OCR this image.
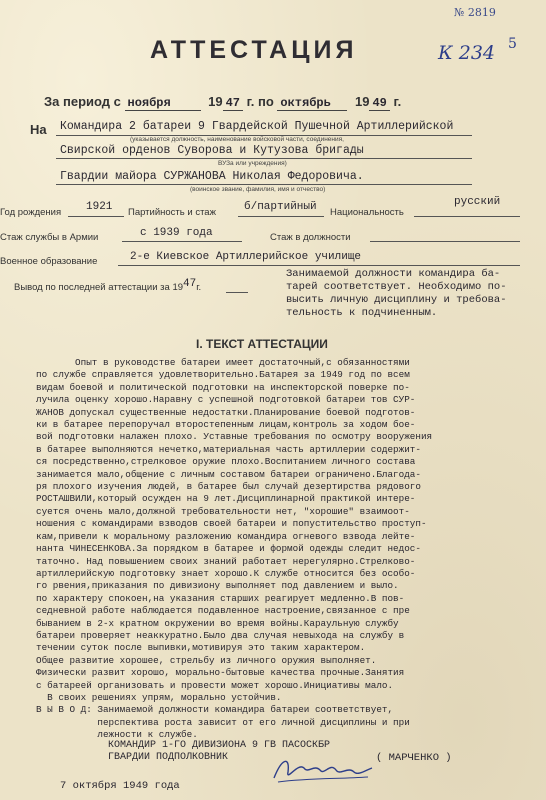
№ 2819
К 234 5
АТТЕСТАЦИЯ
За период с ноября	19 47 г. по октябрь 19 49 г.
На Командира 2 батареи 9 Гвардейской Пушечной Артиллерийской
(указывается должность, наименование войсковой части, соединения,
Свирской орденов Суворова и Кутузова бригады
ВУЗа или учреждения)
Гвардии майора СУРЖАНОВА Николая Федоровича.
(воинское звание, фамилия, имя и отчество)
Год рождения 1921 Партийность и стаж	б/партийный Национальность
русский
Стаж службы в Армии	с 1939 года	Стаж в должности
Военное образование	2-е Киевское Артиллерийское училище
Вывод по последней аттестации за 1947г.
Занимаемой должности командира ба-
тарей соответствует. Необходимо по-
высить личную дисциплину и требова-
тельность к подчиненным.
I. ТЕКСТ АТТЕСТАЦИИ
Опыт в руководстве батареи имеет достаточный,с обязанностями
по службе справляется удовлетворительно.Батарея за 1949 год по всем
видам боевой и политической подготовки на инспекторской поверке по-
лучила оценку хорошо.Наравну с успешной подготовкой батареи тов СУР-
ЖАНОВ допускал существенные недостатки.Планирование боевой подготов-
ки в батарее перепоручал второстепенным лицам,контроль за ходом бое-
вой подготовки налажен плохо. Уставные требования по осмотру вооружения
в батарее выполняются нечетко,материальная часть артиллерии содержит-
ся посредственно,стрелковое оружие плохо.Воспитанием личного состава
занимается мало,общение с личным составом батареи ограничено.Благода-
ря плохого изучения людей, в батарее был случай дезертирства рядового
РОСТАШВИЛИ,который осужден на 9 лет.Дисциплинарной практикой интере-
суется очень мало,должной требовательности нет, "хорошие" взаимоот-
ношения с командирами взводов своей батареи и попустительство проступ-
кам,привели к моральному разложению командира огневого взвода лейте-
нанта ЧИНЕСЕНКОВА.За порядком в батарее и формой одежды следит недос-
таточно. Над повышением своих знаний работает нерегулярно.Стрелково-
артиллерийскую подготовку знает хорошо.К службе относится без особо-
го рвения,приказания по дивизиону выполняет под давлением и выло.
по характеру спокоен,на указания старших реагирует медленно.В пов-
седневной работе наблюдается подавленное настроение,связанное с пре
быванием в 2-х кратном окружении во время войны.Караульную службу
батареи проверяет неаккуратно.Было два случая невыхода на службу в
течении суток после выпивки,мотивируя это таким характером.
Общее развитие хорошее, стрельбу из личного оружия выполняет.
Физически развит хорошо, морально-бытовые качества прочные.Занятия
с батареей организовать и провести может хорошо.Инициативы мало.
В своих решениях упрям, морально устойчив.
В Ы В О Д: Занимаемой должности командира батареи соответствует,
перспектива роста зависит от его личной дисциплины и при
лежности к службе.
КОМАНДИР 1-ГО ДИВИЗИОНА 9 ГВ ПАСОСКБР
ГВАРДИИ ПОДПОЛКОВНИК	( МАРЧЕНКО )
7 октября 1949 года
